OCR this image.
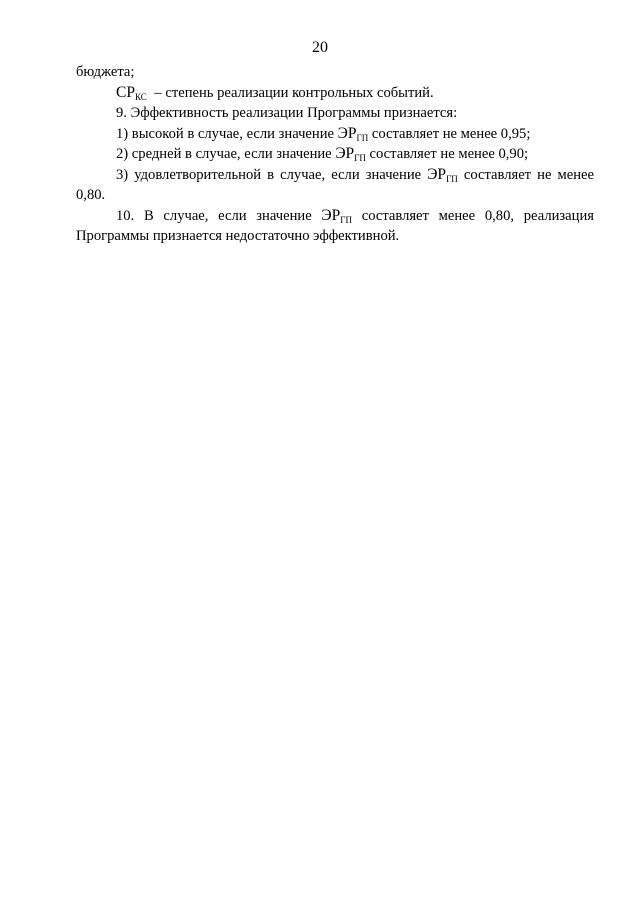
20

бюджета;

$СР_{КС}$ – степень реализации контрольных событий.

9. Эффективность реализации Программы признается:

1) высокой в случае, если значение $ЭР_{ГП}$ составляет не менее 0,95;

2) средней в случае, если значение $ЭР_{ГП}$ составляет не менее 0,90;

3) удовлетворительной в случае, если значение $ЭР_{ГП}$ составляет не менее

0,80.

10. В случае, если значение $ЭР_{ГП}$ составляет менее 0,80, реализация

Программы признается недостаточно эффективной.
